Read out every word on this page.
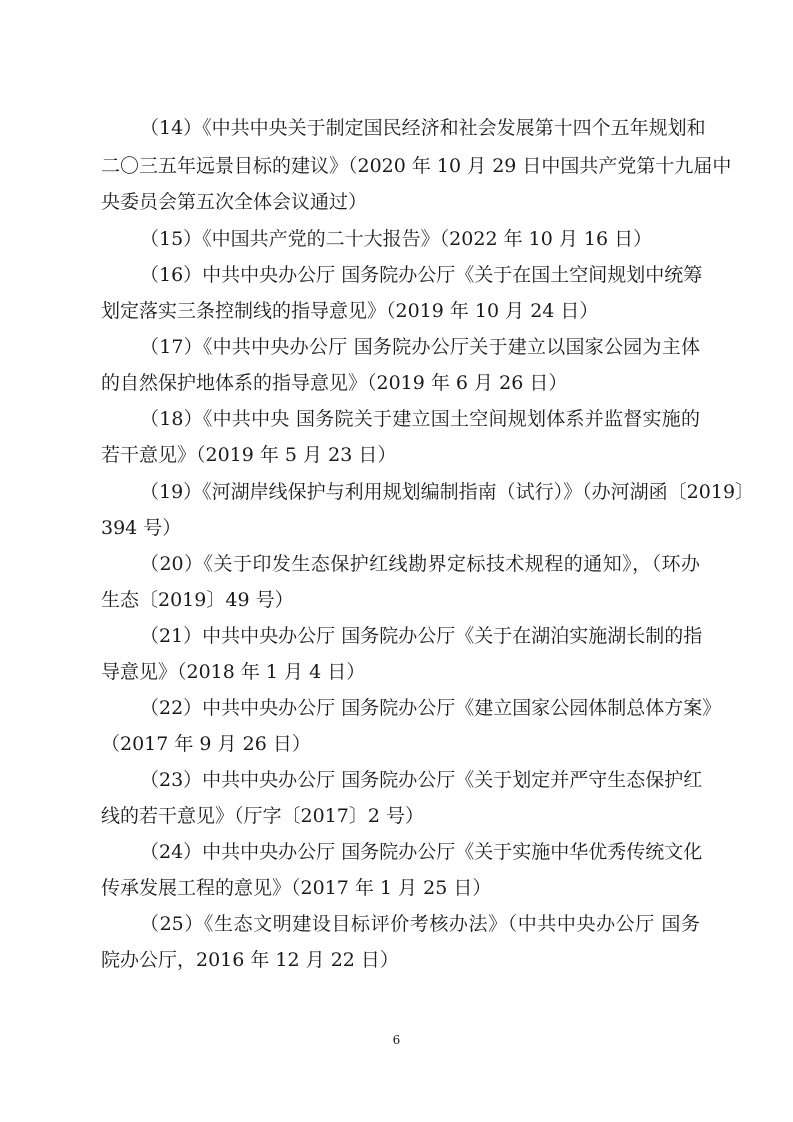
（14）《中共中央关于制定国民经济和社会发展第十四个五年规划和
二〇三五年远景目标的建议》（2020 年 10 月 29 日中国共产党第十九届中
央委员会第五次全体会议通过）
（15）《中国共产党的二十大报告》（2022 年 10 月 16 日）
（16）中共中央办公厅 国务院办公厅《关于在国土空间规划中统筹
划定落实三条控制线的指导意见》（2019 年 10 月 24 日）
（17）《中共中央办公厅 国务院办公厅关于建立以国家公园为主体
的自然保护地体系的指导意见》（2019 年 6 月 26 日）
（18）《中共中央 国务院关于建立国土空间规划体系并监督实施的
若干意见》（2019 年 5 月 23 日）
（19）《河湖岸线保护与利用规划编制指南（试行）》（办河湖函〔2019〕
394 号）
（20）《关于印发生态保护红线勘界定标技术规程的通知》，（环办
生态〔2019〕49 号）
（21）中共中央办公厅 国务院办公厅《关于在湖泊实施湖长制的指
导意见》（2018 年 1 月 4 日）
（22）中共中央办公厅 国务院办公厅《建立国家公园体制总体方案》
（2017 年 9 月 26 日）
（23）中共中央办公厅 国务院办公厅《关于划定并严守生态保护红
线的若干意见》（厅字〔2017〕2 号）
（24）中共中央办公厅 国务院办公厅《关于实施中华优秀传统文化
传承发展工程的意见》（2017 年 1 月 25 日）
（25）《生态文明建设目标评价考核办法》（中共中央办公厅 国务
院办公厅，2016 年 12 月 22 日）
6
